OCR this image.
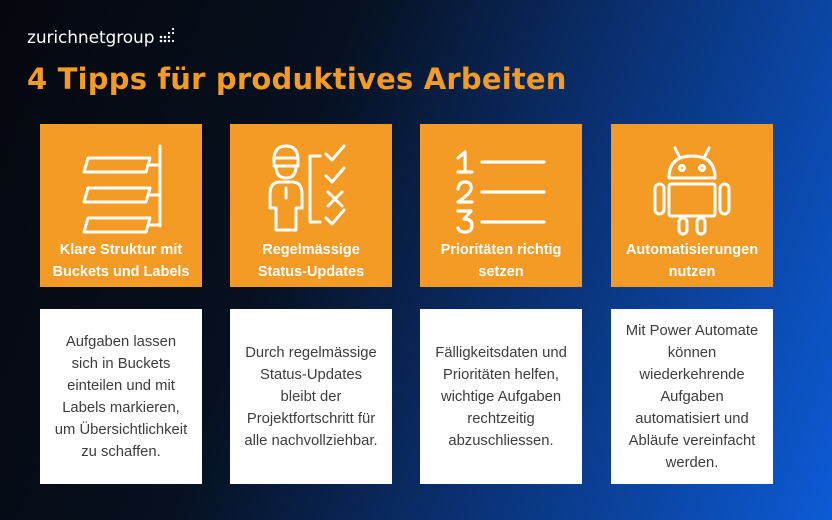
zurichnetgroup
4 Tipps für produktives Arbeiten
Klare Struktur mit
Buckets und Labels
Regelmässige
Status-Updates
Prioritäten richtig
setzen
Automatisierungen
nutzen

Aufgaben lassen
sich in Buckets
einteilen und mit
Labels markieren,
um Übersichtlichkeit
zu schaffen.

Durch regelmässige
Status-Updates
bleibt der
Projektfortschritt für
alle nachvollziehbar.

Fälligkeitsdaten und
Prioritäten helfen,
wichtige Aufgaben
rechtzeitig
abzuschliessen.

Mit Power Automate
können
wiederkehrende
Aufgaben
automatisiert und
Abläufe vereinfacht
werden.
